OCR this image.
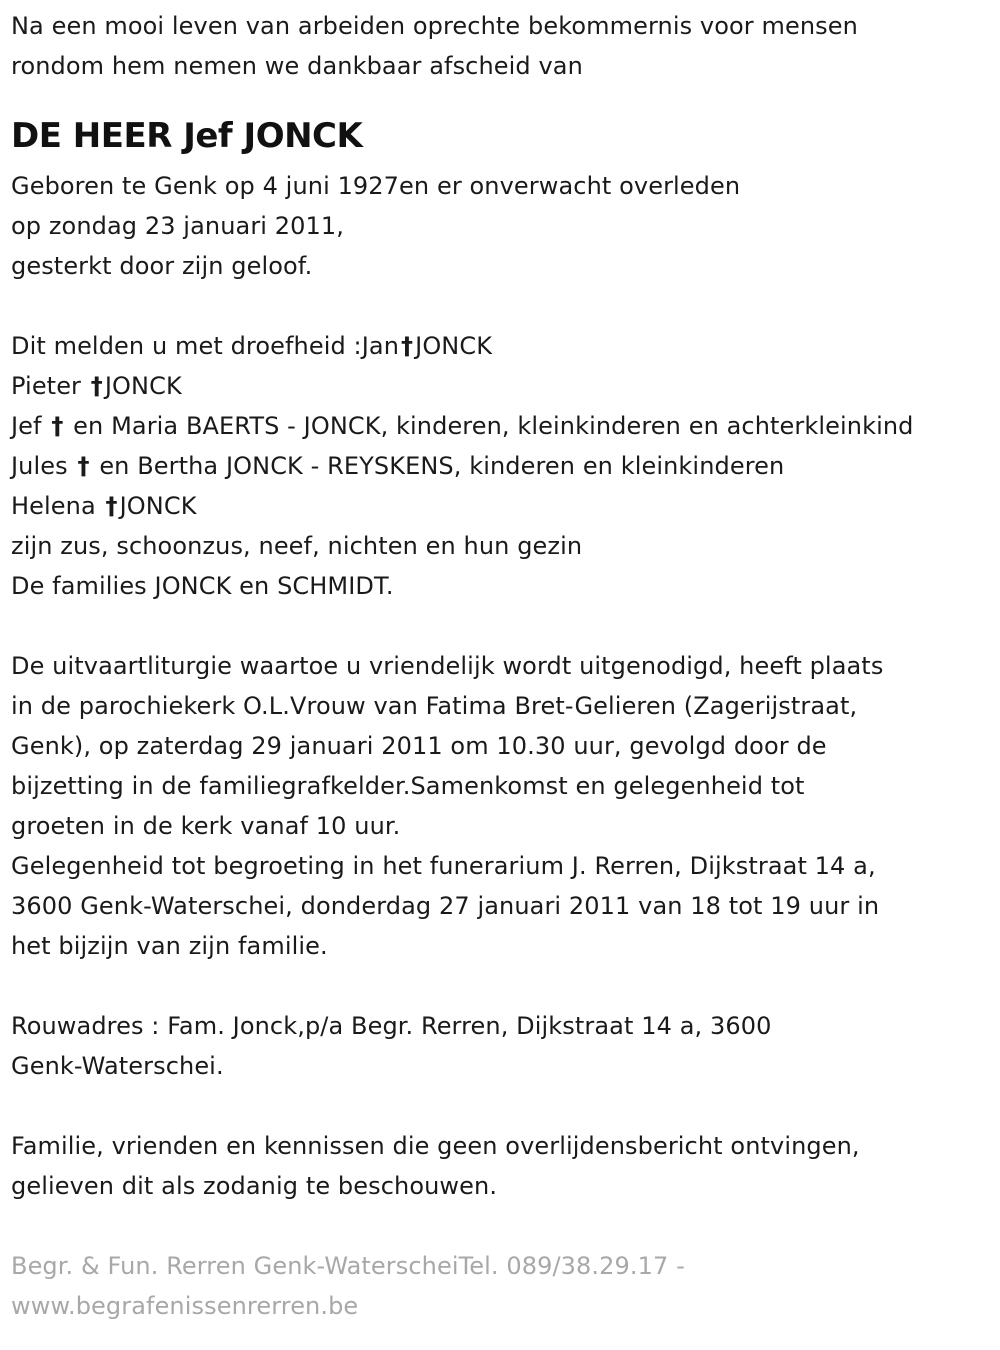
Na een mooi leven van arbeiden oprechte bekommernis voor mensen
rondom hem nemen we dankbaar afscheid van
DE HEER Jef JONCK
Geboren te Genk op 4 juni 1927en er onverwacht overleden
op zondag 23 januari 2011,
gesterkt door zijn geloof.
Dit melden u met droefheid :Jan†JONCK
Pieter †JONCK
Jef † en Maria BAERTS - JONCK, kinderen, kleinkinderen en achterkleinkind
Jules † en Bertha JONCK - REYSKENS, kinderen en kleinkinderen
Helena †JONCK
zijn zus, schoonzus, neef, nichten en hun gezin
De families JONCK en SCHMIDT.
De uitvaartliturgie waartoe u vriendelijk wordt uitgenodigd, heeft plaats
in de parochiekerk O.L.Vrouw van Fatima Bret-Gelieren (Zagerijstraat,
Genk), op zaterdag 29 januari 2011 om 10.30 uur, gevolgd door de
bijzetting in de familiegrafkelder.Samenkomst en gelegenheid tot
groeten in de kerk vanaf 10 uur.
Gelegenheid tot begroeting in het funerarium J. Rerren, Dijkstraat 14 a,
3600 Genk-Waterschei, donderdag 27 januari 2011 van 18 tot 19 uur in
het bijzijn van zijn familie.
Rouwadres : Fam. Jonck,p/a Begr. Rerren, Dijkstraat 14 a, 3600
Genk-Waterschei.
Familie, vrienden en kennissen die geen overlijdensbericht ontvingen,
gelieven dit als zodanig te beschouwen.
Begr. & Fun. Rerren Genk-WaterscheiTel. 089/38.29.17 -
www.begrafenissenrerren.be
